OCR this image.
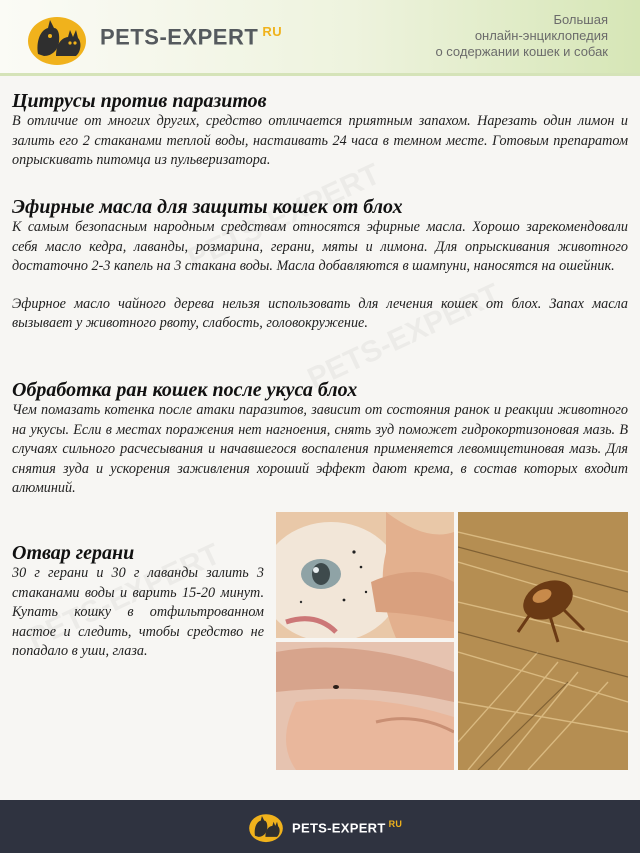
PETS-EXPERT $^{RU}$
Большая
онлайн-энциклопедия
о содержании кошек и собак
Цитрусы против паразитов

В отличие от многих других, средство отличается приятным запахом. Нарезать один лимон и залить его 2 стаканами теплой воды, настаивать 24 часа в темном месте. Готовым препаратом опрыскивать питомца из пульверизатора.

Эфирные масла для защиты кошек от блох

К самым безопасным народным средствам относятся эфирные масла. Хорошо зарекомендовали себя масло кедра, лаванды, розмарина, герани, мяты и лимона. Для опрыскивания животного достаточно 2-3 капель на 3 стакана воды. Масла добавляются в шампуни, наносятся на ошейник.

Эфирное масло чайного дерева нельзя использовать для лечения кошек от блох. Запах масла вызывает у животного рвоту, слабость, головокружение.

Обработка ран кошек после укуса блох

Чем помазать котенка после атаки паразитов, зависит от состояния ранок и реакции животного на укусы. Если в местах поражения нет нагноения, снять зуд поможет гидрокортизоновая мазь. В случаях сильного расчесывания и начавшегося воспаления применяется левомицетиновая мазь. Для снятия зуда и ускорения заживления хороший эффект дают крема, в состав которых входит алюминий.

Отвар герани

30 г герани и 30 г лаванды залить 3 стаканами воды и варить 15-20 минут. Купать кошку в отфильтрованном настое и следить, чтобы средство не попадало в уши, глаза.

PETS-EXPERT $^{RU}$
